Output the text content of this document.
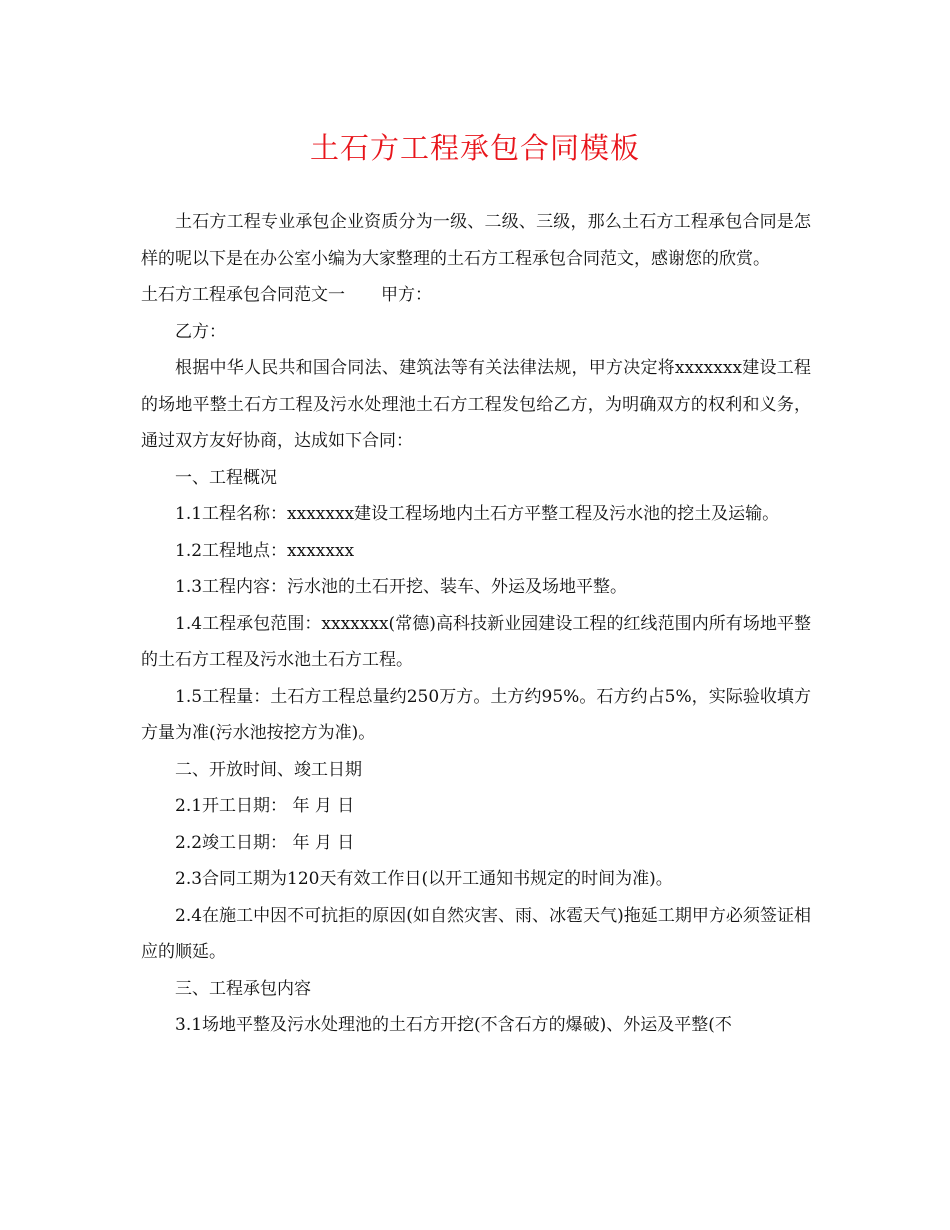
土石方工程承包合同模板

土石方工程专业承包企业资质分为一级、二级、三级，那么土石方工程承包合同是怎样的呢以下是在办公室小编为大家整理的土石方工程承包合同范文，感谢您的欣赏。

土石方工程承包合同范文一 甲方：

乙方：

根据中华人民共和国合同法、建筑法等有关法律法规，甲方决定将xxxxxxx建设工程的场地平整土石方工程及污水处理池土石方工程发包给乙方，为明确双方的权利和义务，通过双方友好协商，达成如下合同：

一、工程概况

1.1工程名称：xxxxxxx建设工程场地内土石方平整工程及污水池的挖土及运输。

1.2工程地点：xxxxxxx

1.3工程内容：污水池的土石开挖、装车、外运及场地平整。

1.4工程承包范围：xxxxxxx(常德)高科技新业园建设工程的红线范围内所有场地平整的土石方工程及污水池土石方工程。

1.5工程量：土石方工程总量约250万方。土方约95%。石方约占5%，实际验收填方方量为准(污水池按挖方为准)。

二、开放时间、竣工日期

2.1开工日期： 年 月 日

2.2竣工日期： 年 月 日

2.3合同工期为120天有效工作日(以开工通知书规定的时间为准)。

2.4在施工中因不可抗拒的原因(如自然灾害、雨、冰雹天气)拖延工期甲方必须签证相应的顺延。

三、工程承包内容

3.1场地平整及污水处理池的土石方开挖(不含石方的爆破)、外运及平整(不
